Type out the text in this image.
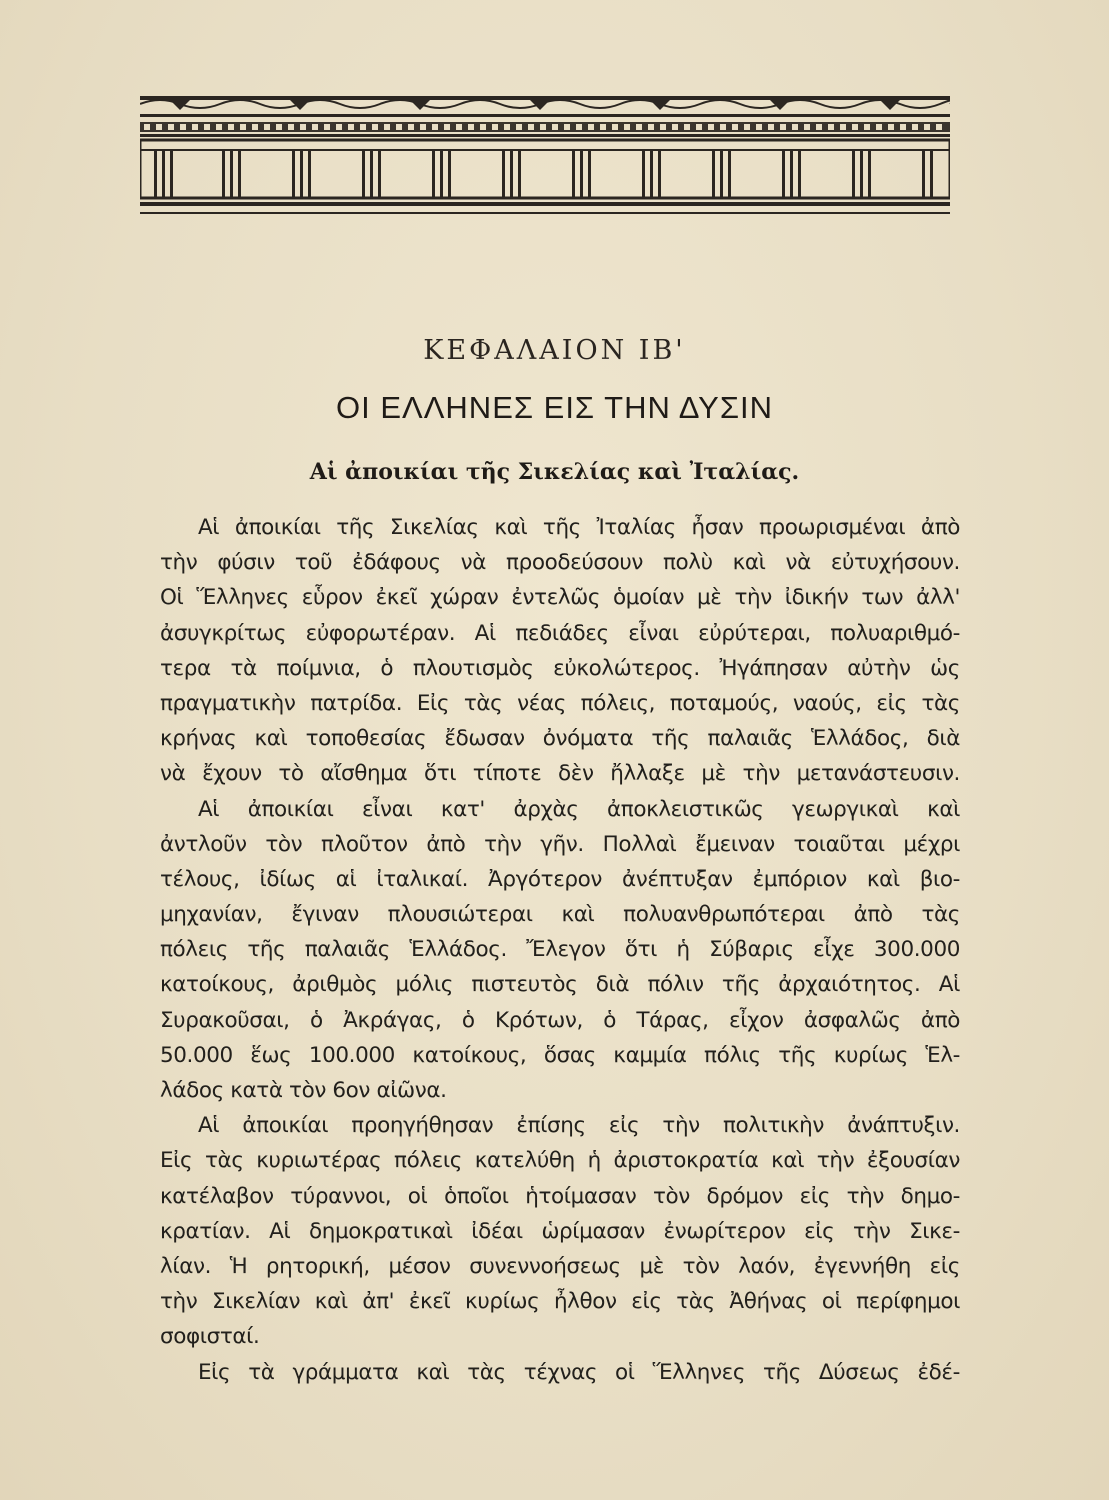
ΚΕΦΑΛΑΙΟΝ ΙΒ'
ΟΙ ΕΛΛΗΝΕΣ ΕΙΣ ΤΗΝ ΔΥΣΙΝ
Αἱ ἀποικίαι τῆς Σικελίας καὶ Ἰταλίας.
Αἱ ἀποικίαι τῆς Σικελίας καὶ τῆς Ἰταλίας ἦσαν προωρισμέναι ἀπὸ
τὴν φύσιν τοῦ ἐδάφους νὰ προοδεύσουν πολὺ καὶ νὰ εὐτυχήσουν.
Οἱ Ἕλληνες εὗρον ἐκεῖ χώραν ἐντελῶς ὁμοίαν μὲ τὴν ἰδικήν των ἀλλ'
ἀσυγκρίτως εὐφορωτέραν. Αἱ πεδιάδες εἶναι εὐρύτεραι, πολυαριθμό-
τερα τὰ ποίμνια, ὁ πλουτισμὸς εὐκολώτερος. Ἠγάπησαν αὐτὴν ὡς
πραγματικὴν πατρίδα. Εἰς τὰς νέας πόλεις, ποταμούς, ναούς, εἰς τὰς
κρήνας καὶ τοποθεσίας ἔδωσαν ὀνόματα τῆς παλαιᾶς Ἑλλάδος, διὰ
νὰ ἔχουν τὸ αἴσθημα ὅτι τίποτε δὲν ἤλλαξε μὲ τὴν μετανάστευσιν.
Αἱ ἀποικίαι εἶναι κατ' ἀρχὰς ἀποκλειστικῶς γεωργικαὶ καὶ
ἀντλοῦν τὸν πλοῦτον ἀπὸ τὴν γῆν. Πολλαὶ ἔμειναν τοιαῦται μέχρι
τέλους, ἰδίως αἱ ἰταλικαί. Ἀργότερον ἀνέπτυξαν ἐμπόριον καὶ βιο-
μηχανίαν, ἔγιναν πλουσιώτεραι καὶ πολυανθρωπότεραι ἀπὸ τὰς
πόλεις τῆς παλαιᾶς Ἑλλάδος. Ἔλεγον ὅτι ἡ Σύβαρις εἶχε 300.000
κατοίκους, ἀριθμὸς μόλις πιστευτὸς διὰ πόλιν τῆς ἀρχαιότητος. Αἱ
Συρακοῦσαι, ὁ Ἀκράγας, ὁ Κρότων, ὁ Τάρας, εἶχον ἀσφαλῶς ἀπὸ
50.000 ἕως 100.000 κατοίκους, ὅσας καμμία πόλις τῆς κυρίως Ἑλ-
λάδος κατὰ τὸν 6ον αἰῶνα.
Αἱ ἀποικίαι προηγήθησαν ἐπίσης εἰς τὴν πολιτικὴν ἀνάπτυξιν.
Εἰς τὰς κυριωτέρας πόλεις κατελύθη ἡ ἀριστοκρατία καὶ τὴν ἐξουσίαν
κατέλαβον τύραννοι, οἱ ὁποῖοι ἡτοίμασαν τὸν δρόμον εἰς τὴν δημο-
κρατίαν. Αἱ δημοκρατικαὶ ἰδέαι ὡρίμασαν ἐνωρίτερον εἰς τὴν Σικε-
λίαν. Ἡ ρητορική, μέσον συνεννοήσεως μὲ τὸν λαόν, ἐγεννήθη εἰς
τὴν Σικελίαν καὶ ἀπ' ἐκεῖ κυρίως ἦλθον εἰς τὰς Ἀθήνας οἱ περίφημοι
σοφισταί.
Εἰς τὰ γράμματα καὶ τὰς τέχνας οἱ Ἕλληνες τῆς Δύσεως ἐδέ-
